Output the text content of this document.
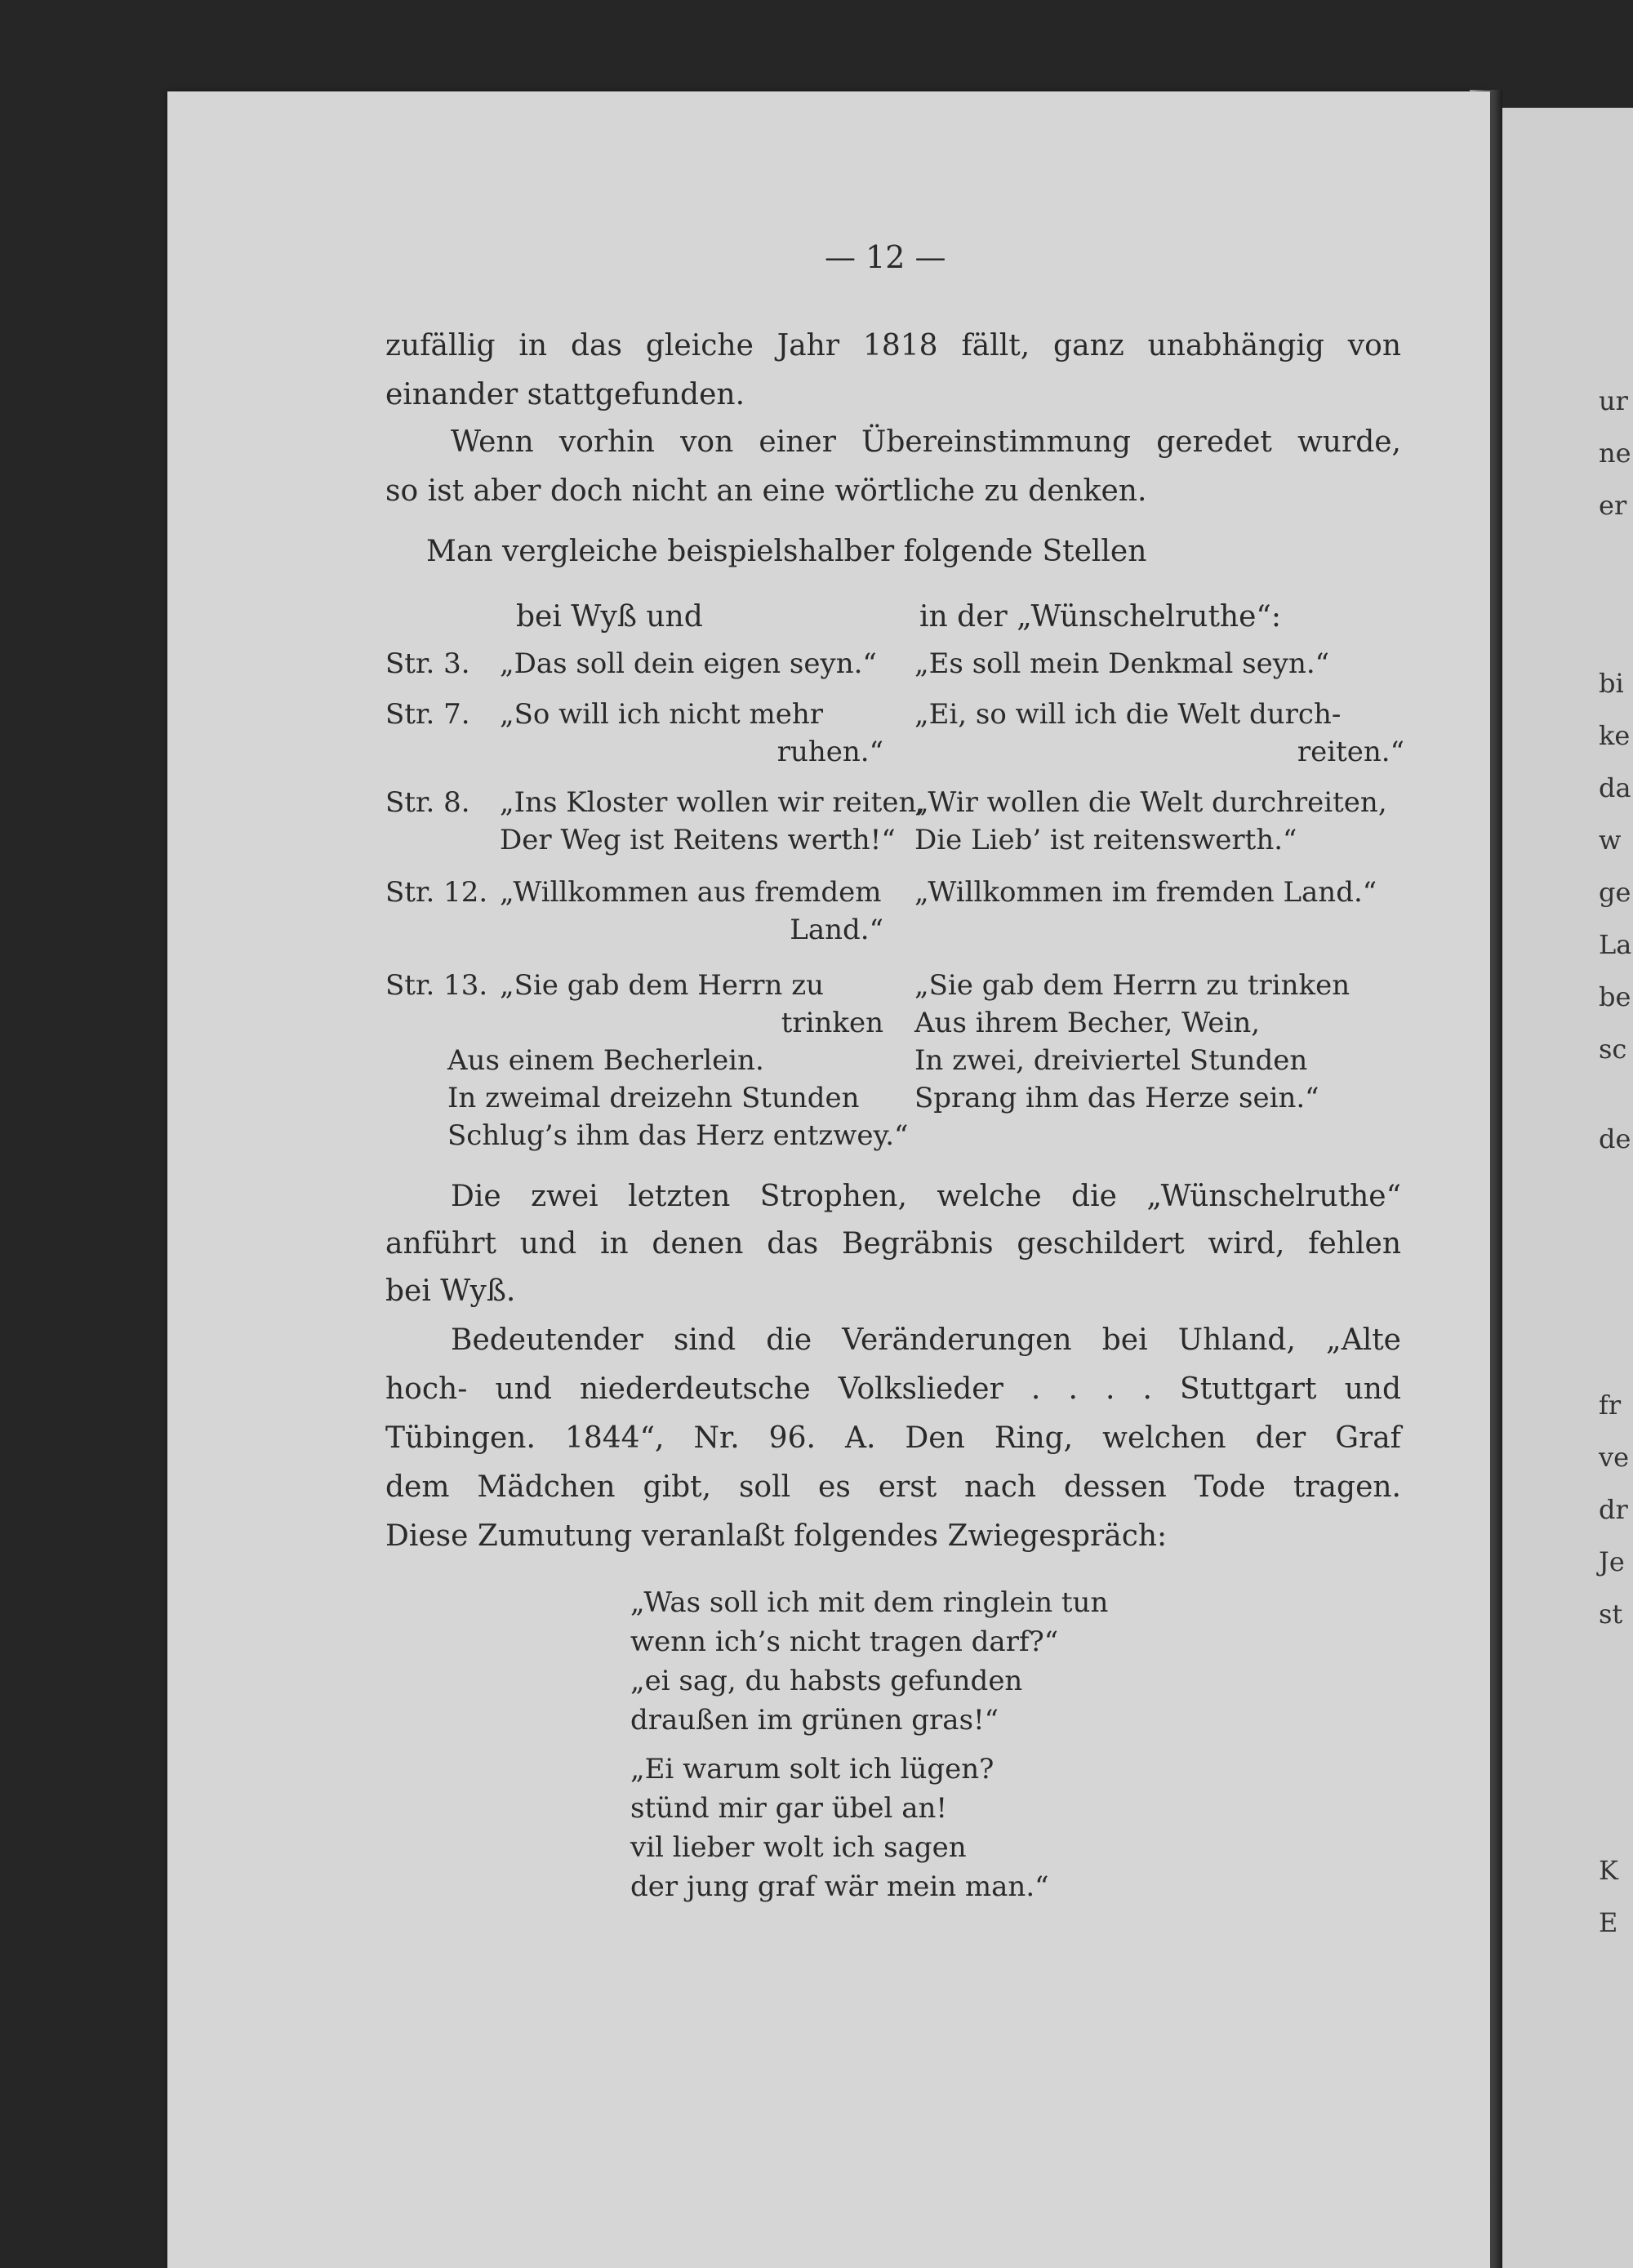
ur
ne
er
bi
ke
da
w
ge
La
be
sc
de
fr
ve
dr
Je
st
K
E
— 12 —
zufällig in das gleiche Jahr 1818 fällt, ganz unabhängig von
einander stattgefunden.
Wenn vorhin von einer Übereinstimmung geredet wurde,
so ist aber doch nicht an eine wörtliche zu denken.
Man vergleiche beispielshalber folgende Stellen
bei Wyß und	in der „Wünschelruthe“:
Str. 3. „Das soll dein eigen seyn.“ „Es soll mein Denkmal seyn.“
Str. 7. „So will ich nicht mehr
ruhen.“
„Ei, so will ich die Welt durch-
reiten.“
Str. 8. „Ins Kloster wollen wir reiten,
Der Weg ist Reitens werth!“
„Wir wollen die Welt durchreiten,
Die Lieb’ ist reitenswerth.“
Str. 12. „Willkommen aus fremdem
Land.“
„Willkommen im fremden Land.“
Str. 13. „Sie gab dem Herrn zu
trinken
Aus einem Becherlein.
In zweimal dreizehn Stunden
Schlug’s ihm das Herz entzwey.“
„Sie gab dem Herrn zu trinken
Aus ihrem Becher, Wein,
In zwei, dreiviertel Stunden
Sprang ihm das Herze sein.“
Die zwei letzten Strophen, welche die „Wünschelruthe“
anführt und in denen das Begräbnis geschildert wird, fehlen
bei Wyß.
Bedeutender sind die Veränderungen bei Uhland, „Alte
hoch- und niederdeutsche Volkslieder . . . . Stuttgart und
Tübingen. 1844“, Nr. 96. A. Den Ring, welchen der Graf
dem Mädchen gibt, soll es erst nach dessen Tode tragen.
Diese Zumutung veranlaßt folgendes Zwiegespräch:
„Was soll ich mit dem ringlein tun
wenn ich’s nicht tragen darf?“
„ei sag, du habsts gefunden
draußen im grünen gras!“
„Ei warum solt ich lügen?
stünd mir gar übel an!
vil lieber wolt ich sagen
der jung graf wär mein man.“
